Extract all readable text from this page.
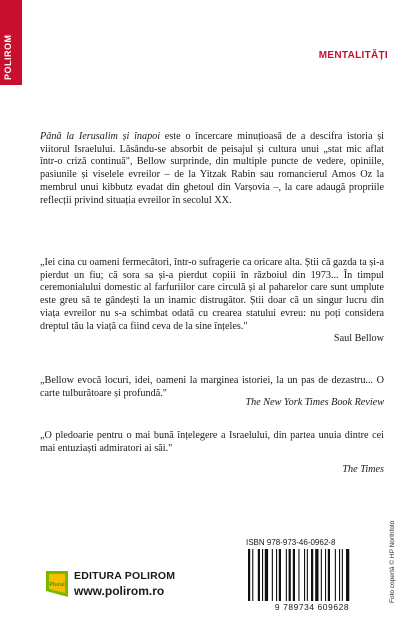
POLIROM	MENTALITĂȚI

Până la Ierusalim și înapoi este o încercare minuțioasă de a descifra istoria și viitorul Israelului. Lăsându-se absorbit de peisajul și cultura unui „stat mic aflat într-o criză continuă", Bellow surprinde, din multiple puncte de vedere, opiniile, pasiunile și viselele evreilor – de la Yitzak Rabin sau romancierul Amos Oz la membrul unui kibbutz evadat din ghetoul din Varșovia –, la care adaugă propriile reflecții privind situația evreilor în secolul XX.

„Iei cina cu oameni fermecători, într-o sufragerie ca oricare alta. Știi că gazda ta și-a pierdut un fiu; că sora sa și-a pierdut copiii în războiul din 1973... În timpul ceremonialului domestic al farfuriilor care circulă și al paharelor care sunt umplute este greu să te gândești la un inamic distrugător. Știi doar că un singur lucru din viața evreilor nu s-a schimbat odată cu crearea statului evreu: nu poți considera dreptul tău la viață ca fiind ceva de la sine înțeles."

Saul Bellow

„Bellow evocă locuri, idei, oameni la marginea istoriei, la un pas de dezastru... O carte tulburătoare și profundă."

The New York Times Book Review

„O pledoarie pentru o mai bună înțelegere a Israelului, din partea unuia dintre cei mai entuziaști admiratori ai săi."

The Times
Foto copertă © HP Northfoto
Plural
EDITURA POLIROM
www.polirom.ro
ISBN 978-973-46-0962-8
9 789734 609628
